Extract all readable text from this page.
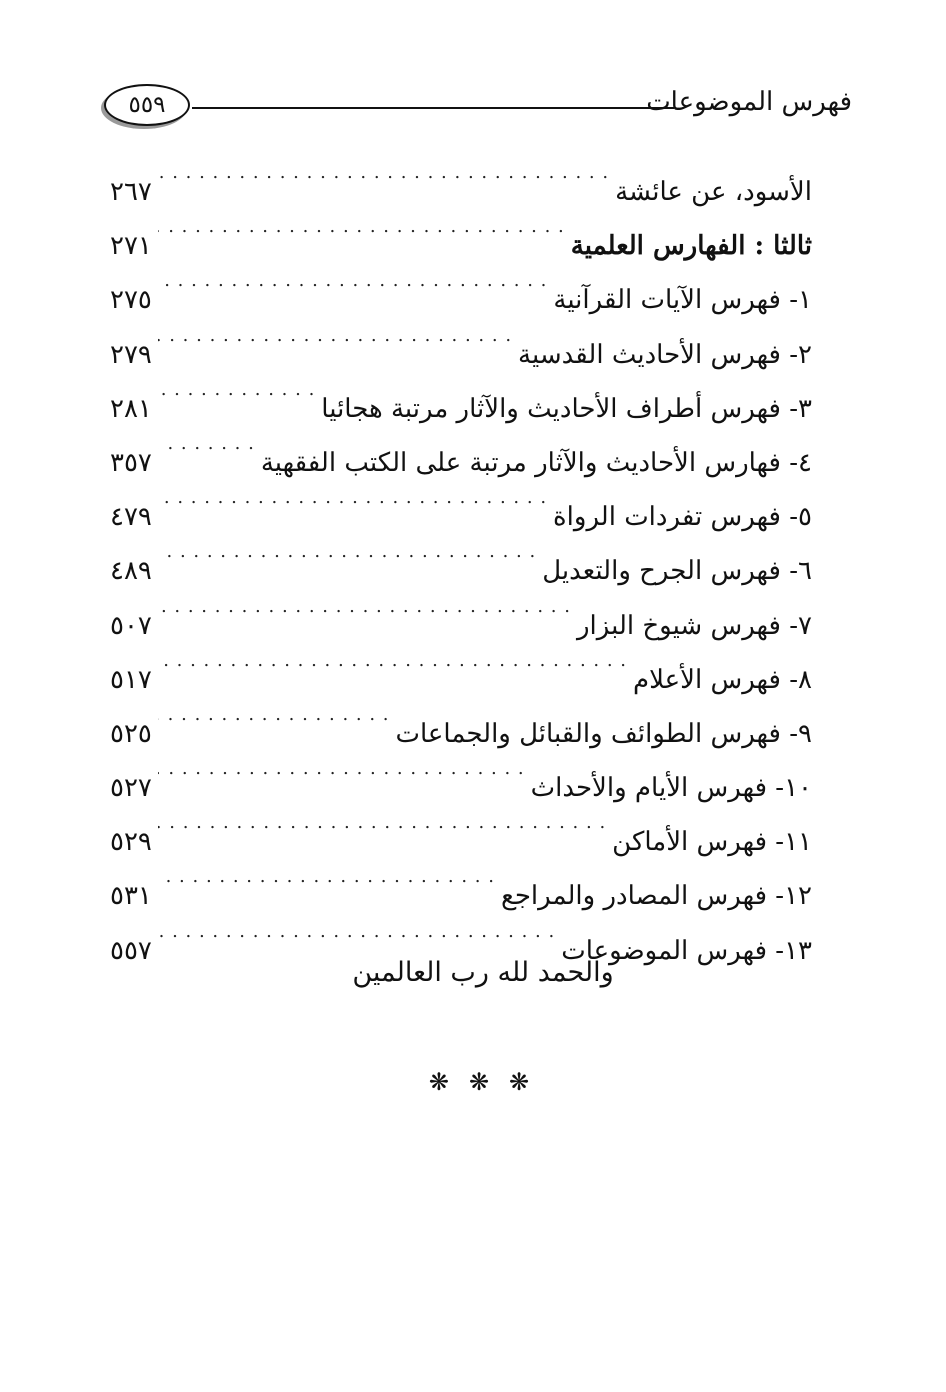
٥٥٩	فهرس الموضوعات
الأسود، عن عائشة
. . .
٢٦٧
ثالثا : الفهارس العلمية
. . .
٢٧١
١- فهرس الآيات القرآنية
. . .
٢٧٥
٢- فهرس الأحاديث القدسية
. . .
٢٧٩
٣- فهرس أطراف الأحاديث والآثار مرتبة هجائيا
. . .
٢٨١
٤- فهارس الأحاديث والآثار مرتبة على الكتب الفقهية
. . .
٣٥٧
٥- فهرس تفردات الرواة
. . .
٤٧٩
٦- فهرس الجرح والتعديل
. . .
٤٨٩
٧- فهرس شيوخ البزار
. . .
٥٠٧
٨- فهرس الأعلام
. . .
٥١٧
٩- فهرس الطوائف والقبائل والجماعات
. . .
٥٢٥
١٠- فهرس الأيام والأحداث
. . .
٥٢٧
١١- فهرس الأماكن
. . .
٥٢٩
١٢- فهرس المصادر والمراجع
. . .
٥٣١
١٣- فهرس الموضوعات
. . .
٥٥٧
والحمد لله رب العالمين
❋ ❋ ❋
